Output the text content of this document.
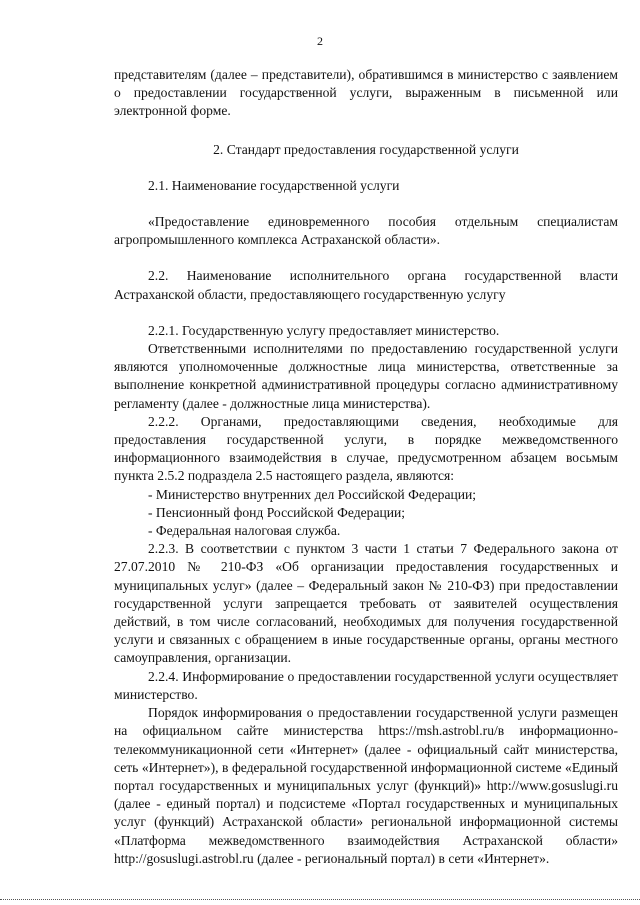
2

представителям (далее – представители), обратившимся в министерство с заявлением о предоставлении государственной услуги, выраженным в письменной или электронной форме.

2. Стандарт предоставления государственной услуги

2.1. Наименование государственной услуги

«Предоставление единовременного пособия отдельным специалистам агропромышленного комплекса Астраханской области».

2.2. Наименование исполнительного органа государственной власти Астраханской области, предоставляющего государственную услугу

2.2.1. Государственную услугу предоставляет министерство.

Ответственными исполнителями по предоставлению государственной услуги являются уполномоченные должностные лица министерства, ответственные за выполнение конкретной административной процедуры согласно административному регламенту (далее - должностные лица министерства).

2.2.2. Органами, предоставляющими сведения, необходимые для предоставления государственной услуги, в порядке межведомственного информационного взаимодействия в случае, предусмотренном абзацем восьмым пункта 2.5.2 подраздела 2.5 настоящего раздела, являются:

- Министерство внутренних дел Российской Федерации;

- Пенсионный фонд Российской Федерации;

- Федеральная налоговая служба.

2.2.3. В соответствии с пунктом 3 части 1 статьи 7 Федерального закона от 27.07.2010 № 210-ФЗ «Об организации предоставления государственных и муниципальных услуг» (далее – Федеральный закон № 210-ФЗ) при предоставлении государственной услуги запрещается требовать от заявителей осуществления действий, в том числе согласований, необходимых для получения государственной услуги и связанных с обращением в иные государственные органы, органы местного самоуправления, организации.

2.2.4. Информирование о предоставлении государственной услуги осуществляет министерство.

Порядок информирования о предоставлении государственной услуги размещен на официальном сайте министерства https://msh.astrobl.ru/в информационно-телекоммуникационной сети «Интернет» (далее - официальный сайт министерства, сеть «Интернет»), в федеральной государственной информационной системе «Единый портал государственных и муниципальных услуг (функций)» http://www.gosuslugi.ru (далее - единый портал) и подсистеме «Портал государственных и муниципальных услуг (функций) Астраханской области» региональной информационной системы «Платформа межведомственного взаимодействия Астраханской области» http://gosuslugi.astrobl.ru (далее - региональный портал) в сети «Интернет».
